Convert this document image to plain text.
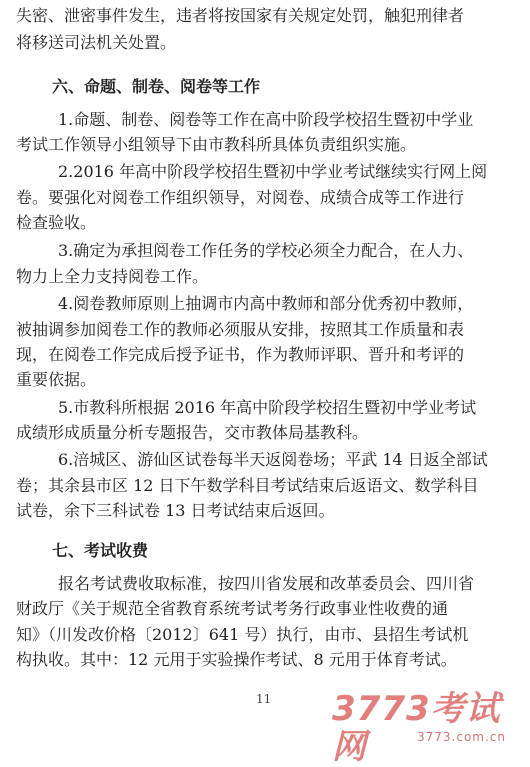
11 3773考试网	3773.com.cn
失密、泄密事件发生，违者将按国家有关规定处罚，触犯刑律者
将移送司法机关处置。
六、命题、制卷、阅卷等工作
1.命题、制卷、阅卷等工作在高中阶段学校招生暨初中学业
考试工作领导小组领导下由市教科所具体负责组织实施。
2.2016 年高中阶段学校招生暨初中学业考试继续实行网上阅
卷。要强化对阅卷工作组织领导，对阅卷、成绩合成等工作进行
检查验收。
3.确定为承担阅卷工作任务的学校必须全力配合，在人力、
物力上全力支持阅卷工作。
4.阅卷教师原则上抽调市内高中教师和部分优秀初中教师，
被抽调参加阅卷工作的教师必须服从安排，按照其工作质量和表
现，在阅卷工作完成后授予证书，作为教师评职、晋升和考评的
重要依据。
5.市教科所根据 2016 年高中阶段学校招生暨初中学业考试
成绩形成质量分析专题报告，交市教体局基教科。
6.涪城区、游仙区试卷每半天返阅卷场；平武 14 日返全部试
卷；其余县市区 12 日下午数学科目考试结束后返语文、数学科目
试卷，余下三科试卷 13 日考试结束后返回。
七、考试收费
报名考试费收取标准，按四川省发展和改革委员会、四川省
财政厅《关于规范全省教育系统考试考务行政事业性收费的通
知》（川发改价格〔2012〕641 号）执行，由市、县招生考试机
构执收。其中：12 元用于实验操作考试、8 元用于体育考试。
